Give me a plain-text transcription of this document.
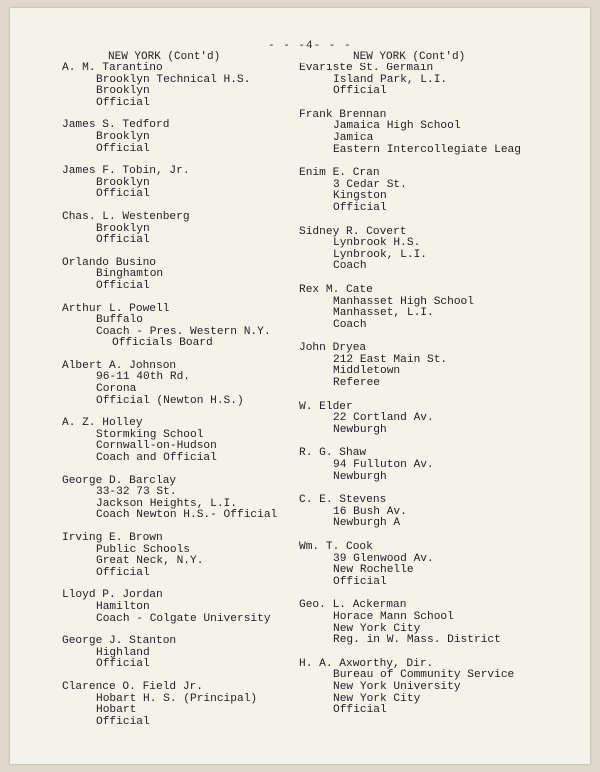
- - -4- - -
NEW YORK (Cont'd)	NEW YORK (Cont'd)
A. M. Tarantino
Brooklyn Technical H.S.
Brooklyn
Official
James S. Tedford
Brooklyn
Official
James F. Tobin, Jr.
Brooklyn
Official
Chas. L. Westenberg
Brooklyn
Official
Orlando Busino
Binghamton
Official
Arthur L. Powell
Buffalo
Coach - Pres. Western N.Y.
Officials Board
Albert A. Johnson
96-11 40th Rd.
Corona
Official (Newton H.S.)
A. Z. Holley
Stormking School
Cornwall-on-Hudson
Coach and Official
George D. Barclay
33-32 73 St.
Jackson Heights, L.I.
Coach Newton H.S.- Official
Irving E. Brown
Public Schools
Great Neck, N.Y.
Official
Lloyd P. Jordan
Hamilton
Coach - Colgate University
George J. Stanton
Highland
Official
Clarence O. Field Jr.
Hobart H. S. (Principal)
Hobart
Official
Evariste St. Germain
Island Park, L.I.
Official
Frank Brennan
Jamaica High School
Jamica
Eastern Intercollegiate Leag
Enim E. Cran
3 Cedar St.
Kingston
Official
Sidney R. Covert
Lynbrook H.S.
Lynbrook, L.I.
Coach
Rex M. Cate
Manhasset High School
Manhasset, L.I.
Coach
John Dryea
212 East Main St.
Middletown
Referee
W. Elder
22 Cortland Av.
Newburgh
R. G. Shaw
94 Fulluton Av.
Newburgh
C. E. Stevens
16 Bush Av.
Newburgh A
Wm. T. Cook
39 Glenwood Av.
New Rochelle
Official
Geo. L. Ackerman
Horace Mann School
New York City
Reg. in W. Mass. District
H. A. Axworthy, Dir.
Bureau of Community Service
New York University
New York City
Official
